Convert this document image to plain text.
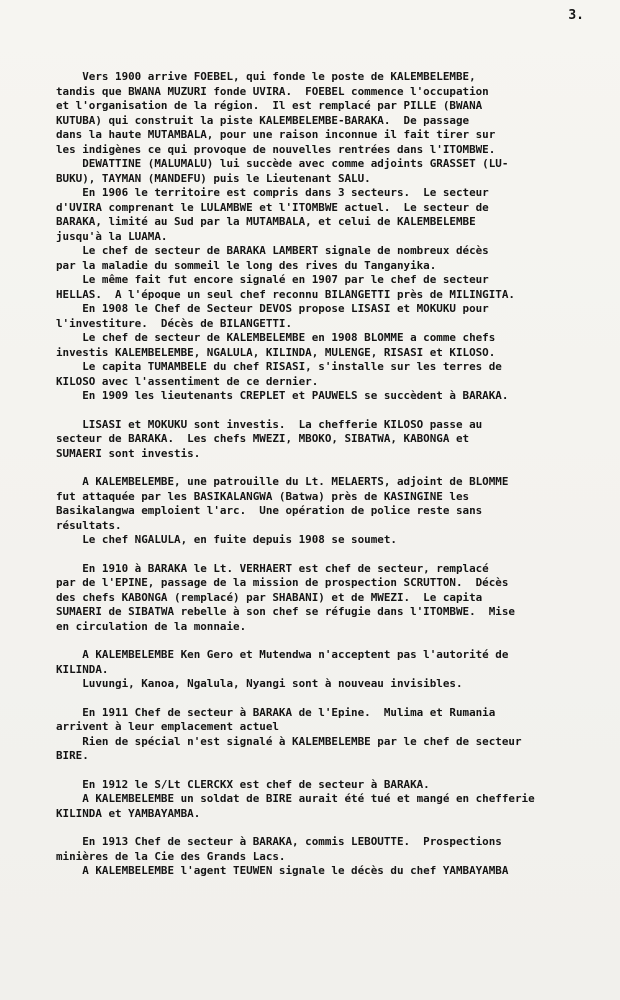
3.
Vers 1900 arrive FOEBEL, qui fonde le poste de KALEMBELEMBE,
tandis que BWANA MUZURI fonde UVIRA.  FOEBEL commence l'occupation
et l'organisation de la région.  Il est remplacé par PILLE (BWANA
KUTUBA) qui construit la piste KALEMBELEMBE-BARAKA.  De passage
dans la haute MUTAMBALA, pour une raison inconnue il fait tirer sur
les indigènes ce qui provoque de nouvelles rentrées dans l'ITOMBWE.
DEWATTINE (MALUMALU) lui succède avec comme adjoints GRASSET (LU-
BUKU), TAYMAN (MANDEFU) puis le Lieutenant SALU.
En 1906 le territoire est compris dans 3 secteurs.  Le secteur
d'UVIRA comprenant le LULAMBWE et l'ITOMBWE actuel.  Le secteur de
BARAKA, limité au Sud par la MUTAMBALA, et celui de KALEMBELEMBE
jusqu'à la LUAMA.
Le chef de secteur de BARAKA LAMBERT signale de nombreux décès
par la maladie du sommeil le long des rives du Tanganyika.
Le même fait fut encore signalé en 1907 par le chef de secteur
HELLAS.  A l'époque un seul chef reconnu BILANGETTI près de MILINGITA.
En 1908 le Chef de Secteur DEVOS propose LISASI et MOKUKU pour
l'investiture.  Décès de BILANGETTI.
Le chef de secteur de KALEMBELEMBE en 1908 BLOMME a comme chefs
investis KALEMBELEMBE, NGALULA, KILINDA, MULENGE, RISASI et KILOSO.
Le capita TUMAMBELE du chef RISASI, s'installe sur les terres de
KILOSO avec l'assentiment de ce dernier.
En 1909 les lieutenants CREPLET et PAUWELS se succèdent à BARAKA.
LISASI et MOKUKU sont investis.  La chefferie KILOSO passe au
secteur de BARAKA.  Les chefs MWEZI, MBOKO, SIBATWA, KABONGA et
SUMAERI sont investis.
A KALEMBELEMBE, une patrouille du Lt. MELAERTS, adjoint de BLOMME
fut attaquée par les BASIKALANGWA (Batwa) près de KASINGINE les
Basikalangwa emploient l'arc.  Une opération de police reste sans
résultats.
Le chef NGALULA, en fuite depuis 1908 se soumet.
En 1910 à BARAKA le Lt. VERHAERT est chef de secteur, remplacé
par de l'EPINE, passage de la mission de prospection SCRUTTON.  Décès
des chefs KABONGA (remplacé) par SHABANI) et de MWEZI.  Le capita
SUMAERI de SIBATWA rebelle à son chef se réfugie dans l'ITOMBWE.  Mise
en circulation de la monnaie.
A KALEMBELEMBE Ken Gero et Mutendwa n'acceptent pas l'autorité de
KILINDA.
Luvungi, Kanoa, Ngalula, Nyangi sont à nouveau invisibles.
En 1911 Chef de secteur à BARAKA de l'Epine.  Mulima et Rumania
arrivent à leur emplacement actuel
Rien de spécial n'est signalé à KALEMBELEMBE par le chef de secteur
BIRE.
En 1912 le S/Lt CLERCKX est chef de secteur à BARAKA.
A KALEMBELEMBE un soldat de BIRE aurait été tué et mangé en chefferie
KILINDA et YAMBAYAMBA.
En 1913 Chef de secteur à BARAKA, commis LEBOUTTE.  Prospections
minières de la Cie des Grands Lacs.
A KALEMBELEMBE l'agent TEUWEN signale le décès du chef YAMBAYAMBA
